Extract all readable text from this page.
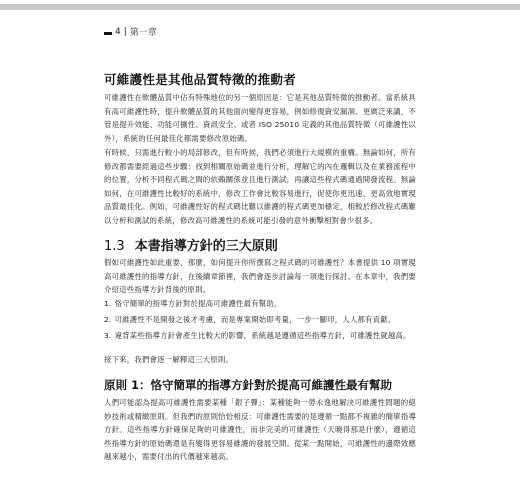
4 | 第一章
可維護性是其他品質特徵的推動者
可維護性在軟體品質中佔有特殊地位的另一個原因是：它是其他品質特徵的推動者。當系統具有高可維護性時，提升軟體品質的其他面向變得更容易，例如修復資安漏洞、更廣泛來講，不管是提升效能、功能可擴性、資訊安全、或者 ISO 25010 定義的其他品質特徵（可維護性以外），系統的任何最佳化都需要修改原始碼。
有時候，只需進行較小的局部修改，但有時候，我們必須進行大規模的重構。無論如何，所有修改都需要經過這些步驟：找到相關原始碼並進行分析，理解它的內在邏輯以及在業務流程中的位置，分析不同程式碼之間的依賴關係並且進行測試，再讓這些程式碼通過開發流程。無論如何，在可維護性比較好的系統中，修改工作會比較容易進行，促使你更迅速、更高效地實現品質最佳化。例如，可維護性好的程式碼比難以維護的程式碼更加穩定，相較於修改程式碼難以分析和測試的系統，修改高可維護性的系統可能引發的意外衝擊相對會少很多。
1.3 本書指導方針的三大原則
假如可維護性如此重要，那麼，如何提升你所撰寫之程式碼的可維護性？本書提供 10 項實現高可維護性的指導方針，在後續章節裡，我們會逐步討論每一項進行探討。在本章中，我們要介紹這些指導方針背後的原則。
1. 恪守簡單的指導方針對於提高可維護性最有幫助。
2. 可維護性不是開發之後才考慮，而是專案開始即考量，一步一腳印，人人都有貢獻。
3. 違背某些指導方針會產生比較大的影響，系統越是遵循這些指導方針，可維護性就越高。
接下來，我們會逐一解釋這三大原則。
原則 1：恪守簡單的指導方針對於提高可維護性最有幫助
人們可能認為提高可維護性需要某種「銀子彈」：某種能夠一勞永逸地解決可維護性問題的絕妙技術或精緻原則。但我們的原則恰恰相反：可維護性需要的是遵循一點都不複雜的簡單指導方針。這些指導方針確保足夠的可維護性，而非完美的可維護性（天曉得那是什麼），遵循這些指導方針的原始碼還是有變得更容易維護的發展空間。從某一點開始，可維護性的邊際效應越來越小，需要付出的代價越來越高。
